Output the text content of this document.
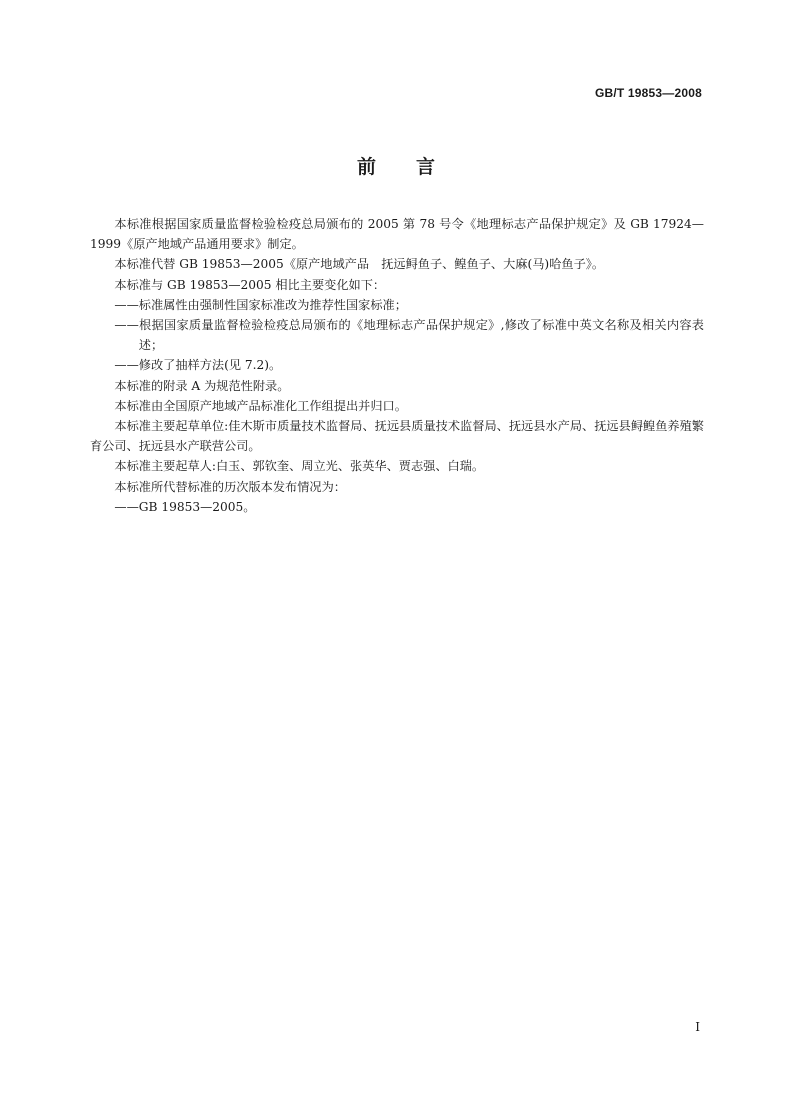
GB/T 19853—2008
前言

本标准根据国家质量监督检验检疫总局颁布的 2005 第 78 号令《地理标志产品保护规定》及 GB 17924—1999《原产地域产品通用要求》制定。

本标准代替 GB 19853—2005《原产地域产品　抚远鲟鱼子、鳇鱼子、大麻(马)哈鱼子》。

本标准与 GB 19853—2005 相比主要变化如下：

——标准属性由强制性国家标准改为推荐性国家标准；

——根据国家质量监督检验检疫总局颁布的《地理标志产品保护规定》,修改了标准中英文名称及相关内容表述；

——修改了抽样方法(见 7.2)。

本标准的附录 A 为规范性附录。

本标准由全国原产地域产品标准化工作组提出并归口。

本标准主要起草单位:佳木斯市质量技术监督局、抚远县质量技术监督局、抚远县水产局、抚远县鲟鳇鱼养殖繁育公司、抚远县水产联营公司。

本标准主要起草人:白玉、郭钦奎、周立光、张英华、贾志强、白瑞。

本标准所代替标准的历次版本发布情况为：

——GB 19853—2005。

I
